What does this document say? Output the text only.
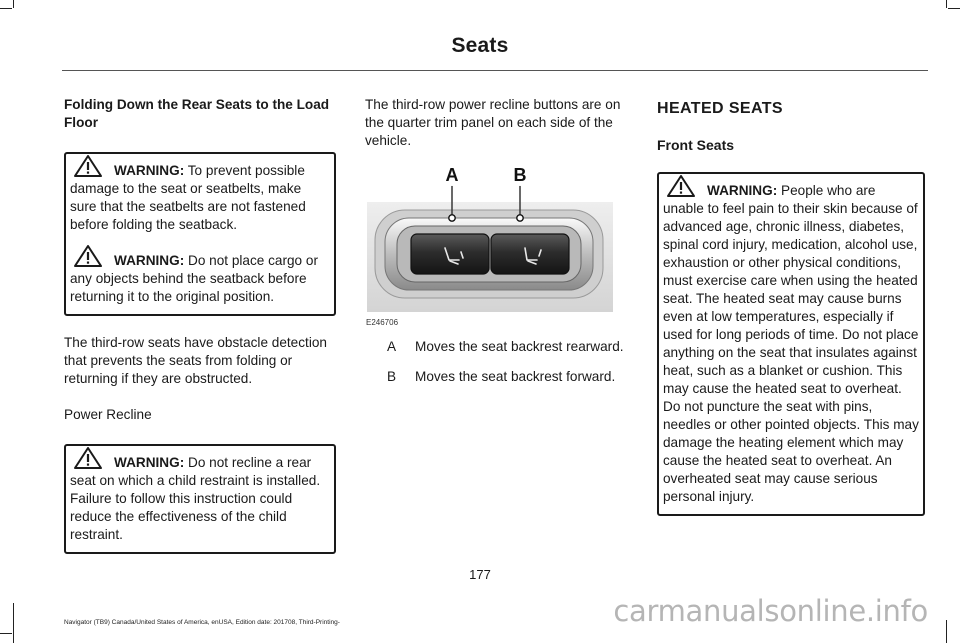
Seats

Folding Down the Rear Seats to the Load Floor

WARNING: To prevent possible damage to the seat or seatbelts, make sure that the seatbelts are not fastened before folding the seatback.

WARNING: Do not place cargo or any objects behind the seatback before returning it to the original position.

The third-row seats have obstacle detection that prevents the seats from folding or returning if they are obstructed.

Power Recline

WARNING: Do not recline a rear seat on which a child restraint is installed. Failure to follow this instruction could reduce the effectiveness of the child restraint.

The third-row power recline buttons are on the quarter trim panel on each side of the vehicle.

A	B
E246706
A	Moves the seat backrest rearward.
B	Moves the seat backrest forward.

HEATED SEATS

Front Seats

WARNING: People who are unable to feel pain to their skin because of advanced age, chronic illness, diabetes, spinal cord injury, medication, alcohol use, exhaustion or other physical conditions, must exercise care when using the heated seat. The heated seat may cause burns even at low temperatures, especially if used for long periods of time. Do not place anything on the seat that insulates against heat, such as a blanket or cushion. This may cause the heated seat to overheat. Do not puncture the seat with pins, needles or other pointed objects. This may damage the heating element which may cause the heated seat to overheat. An overheated seat may cause serious personal injury.

177
Navigator (TB9) Canada/United States of America, enUSA, Edition date: 201708, Third-Printing-	carmanualsonline.info
